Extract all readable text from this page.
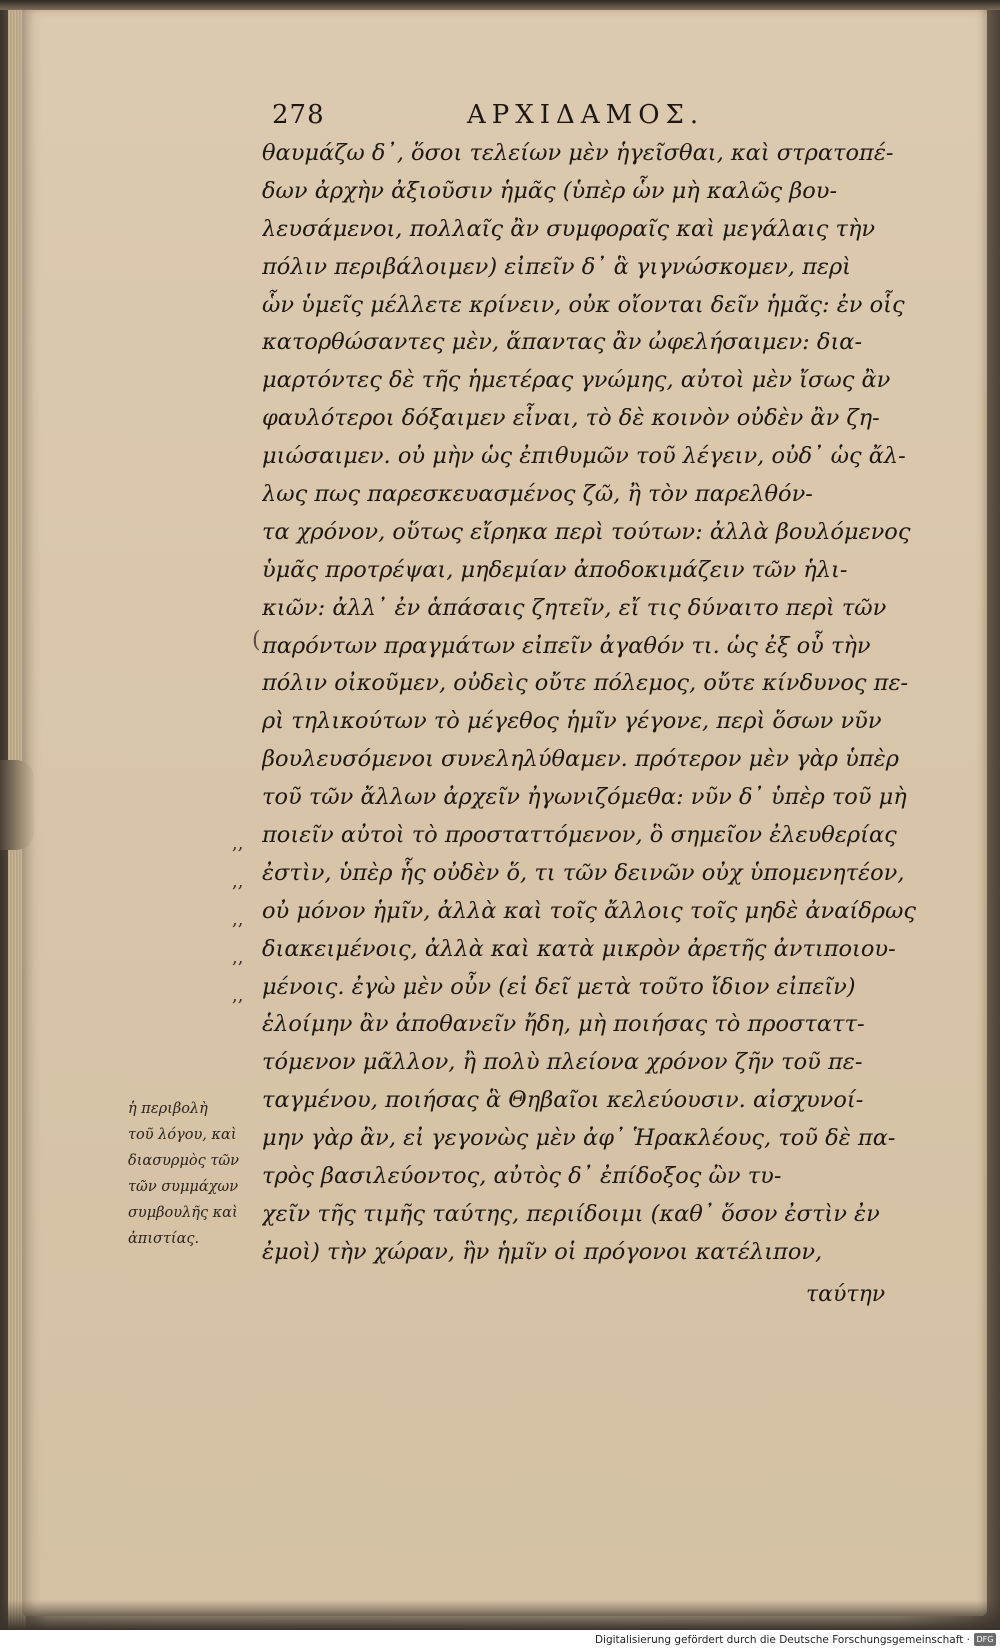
278	ΑΡΧΙΔΑΜΟΣ.
(
θαυμάζω δ᾽, ὅσοι τελείων μὲν ἡγεῖσθαι, καὶ στρατοπέ-
δων ἀρχὴν ἀξιοῦσιν ἡμᾶς (ὑπὲρ ὧν μὴ καλῶς βου-
λευσάμενοι, πολλαῖς ἂν συμφοραῖς καὶ μεγάλαις τὴν
πόλιν περιβάλοιμεν) εἰπεῖν δ᾽ ἃ γιγνώσκομεν, περὶ
ὧν ὑμεῖς μέλλετε κρίνειν, οὐκ οἴονται δεῖν ἡμᾶς: ἐν οἷς
κατορθώσαντες μὲν, ἅπαντας ἂν ὠφελήσαιμεν: δια-
μαρτόντες δὲ τῆς ἡμετέρας γνώμης, αὐτοὶ μὲν ἴσως ἂν
φαυλότεροι δόξαιμεν εἶναι, τὸ δὲ κοινὸν οὐδὲν ἂν ζη-
μιώσαιμεν. οὐ μὴν ὡς ἐπιθυμῶν τοῦ λέγειν, οὐδ᾽ ὡς ἄλ-
λως πως παρεσκευασμένος ζῶ, ἢ τὸν παρελθόν-
τα χρόνον, οὕτως εἴρηκα περὶ τούτων: ἀλλὰ βουλόμενος
ὑμᾶς προτρέψαι, μηδεμίαν ἀποδοκιμάζειν τῶν ἡλι-
κιῶν: ἀλλ᾽ ἐν ἁπάσαις ζητεῖν, εἴ τις δύναιτο περὶ τῶν
παρόντων πραγμάτων εἰπεῖν ἀγαθόν τι. ὡς ἐξ οὗ τὴν
πόλιν οἰκοῦμεν, οὐδεὶς οὔτε πόλεμος, οὔτε κίνδυνος πε-
ρὶ τηλικούτων τὸ μέγεθος ἡμῖν γέγονε, περὶ ὅσων νῦν
βουλευσόμενοι συνεληλύθαμεν. πρότερον μὲν γὰρ ὑπὲρ
τοῦ τῶν ἄλλων ἀρχεῖν ἠγωνιζόμεθα: νῦν δ᾽ ὑπὲρ τοῦ μὴ
ποιεῖν αὐτοὶ τὸ προσταττόμενον, ὃ σημεῖον ἐλευθερίας
ἐστὶν, ὑπὲρ ἧς οὐδὲν ὅ, τι τῶν δεινῶν οὐχ ὑπομενητέον,
οὐ μόνον ἡμῖν, ἀλλὰ καὶ τοῖς ἄλλοις τοῖς μηδὲ ἀναίδρως
διακειμένοις, ἀλλὰ καὶ κατὰ μικρὸν ἀρετῆς ἀντιποιου-
μένοις. ἐγὼ μὲν οὖν (εἰ δεῖ μετὰ τοῦτο ἴδιον εἰπεῖν)
ἑλοίμην ἂν ἀποθανεῖν ἤδη, μὴ ποιήσας τὸ προσταττ-
τόμενον μᾶλλον, ἢ πολὺ πλείονα χρόνον ζῆν τοῦ πε-
ταγμένου, ποιήσας ἃ Θηβαῖοι κελεύουσιν. αἰσχυνοί-
μην γὰρ ἂν, εἰ γεγονὼς μὲν ἀφ᾽ Ἡρακλέους, τοῦ δὲ πα-
τρὸς βασιλεύοντος, αὐτὸς δ᾽ ἐπίδοξος ὢν τυ-
χεῖν τῆς τιμῆς ταύτης, περιίδοιμι (καθ᾽ ὅσον ἐστὶν ἐν
ἐμοὶ) τὴν χώραν, ἣν ἡμῖν οἱ πρόγονοι κατέλιπον,
,,
,,
,,
,,
,,
ἡ περιβολὴ
τοῦ λόγου, καὶ
διασυρμὸς τῶν
τῶν συμμάχων
συμβουλῆς καὶ
ἀπιστίας.
ταύτην
Digitalisierung gefördert durch die Deutsche Forschungsgemeinschaft · DFG
